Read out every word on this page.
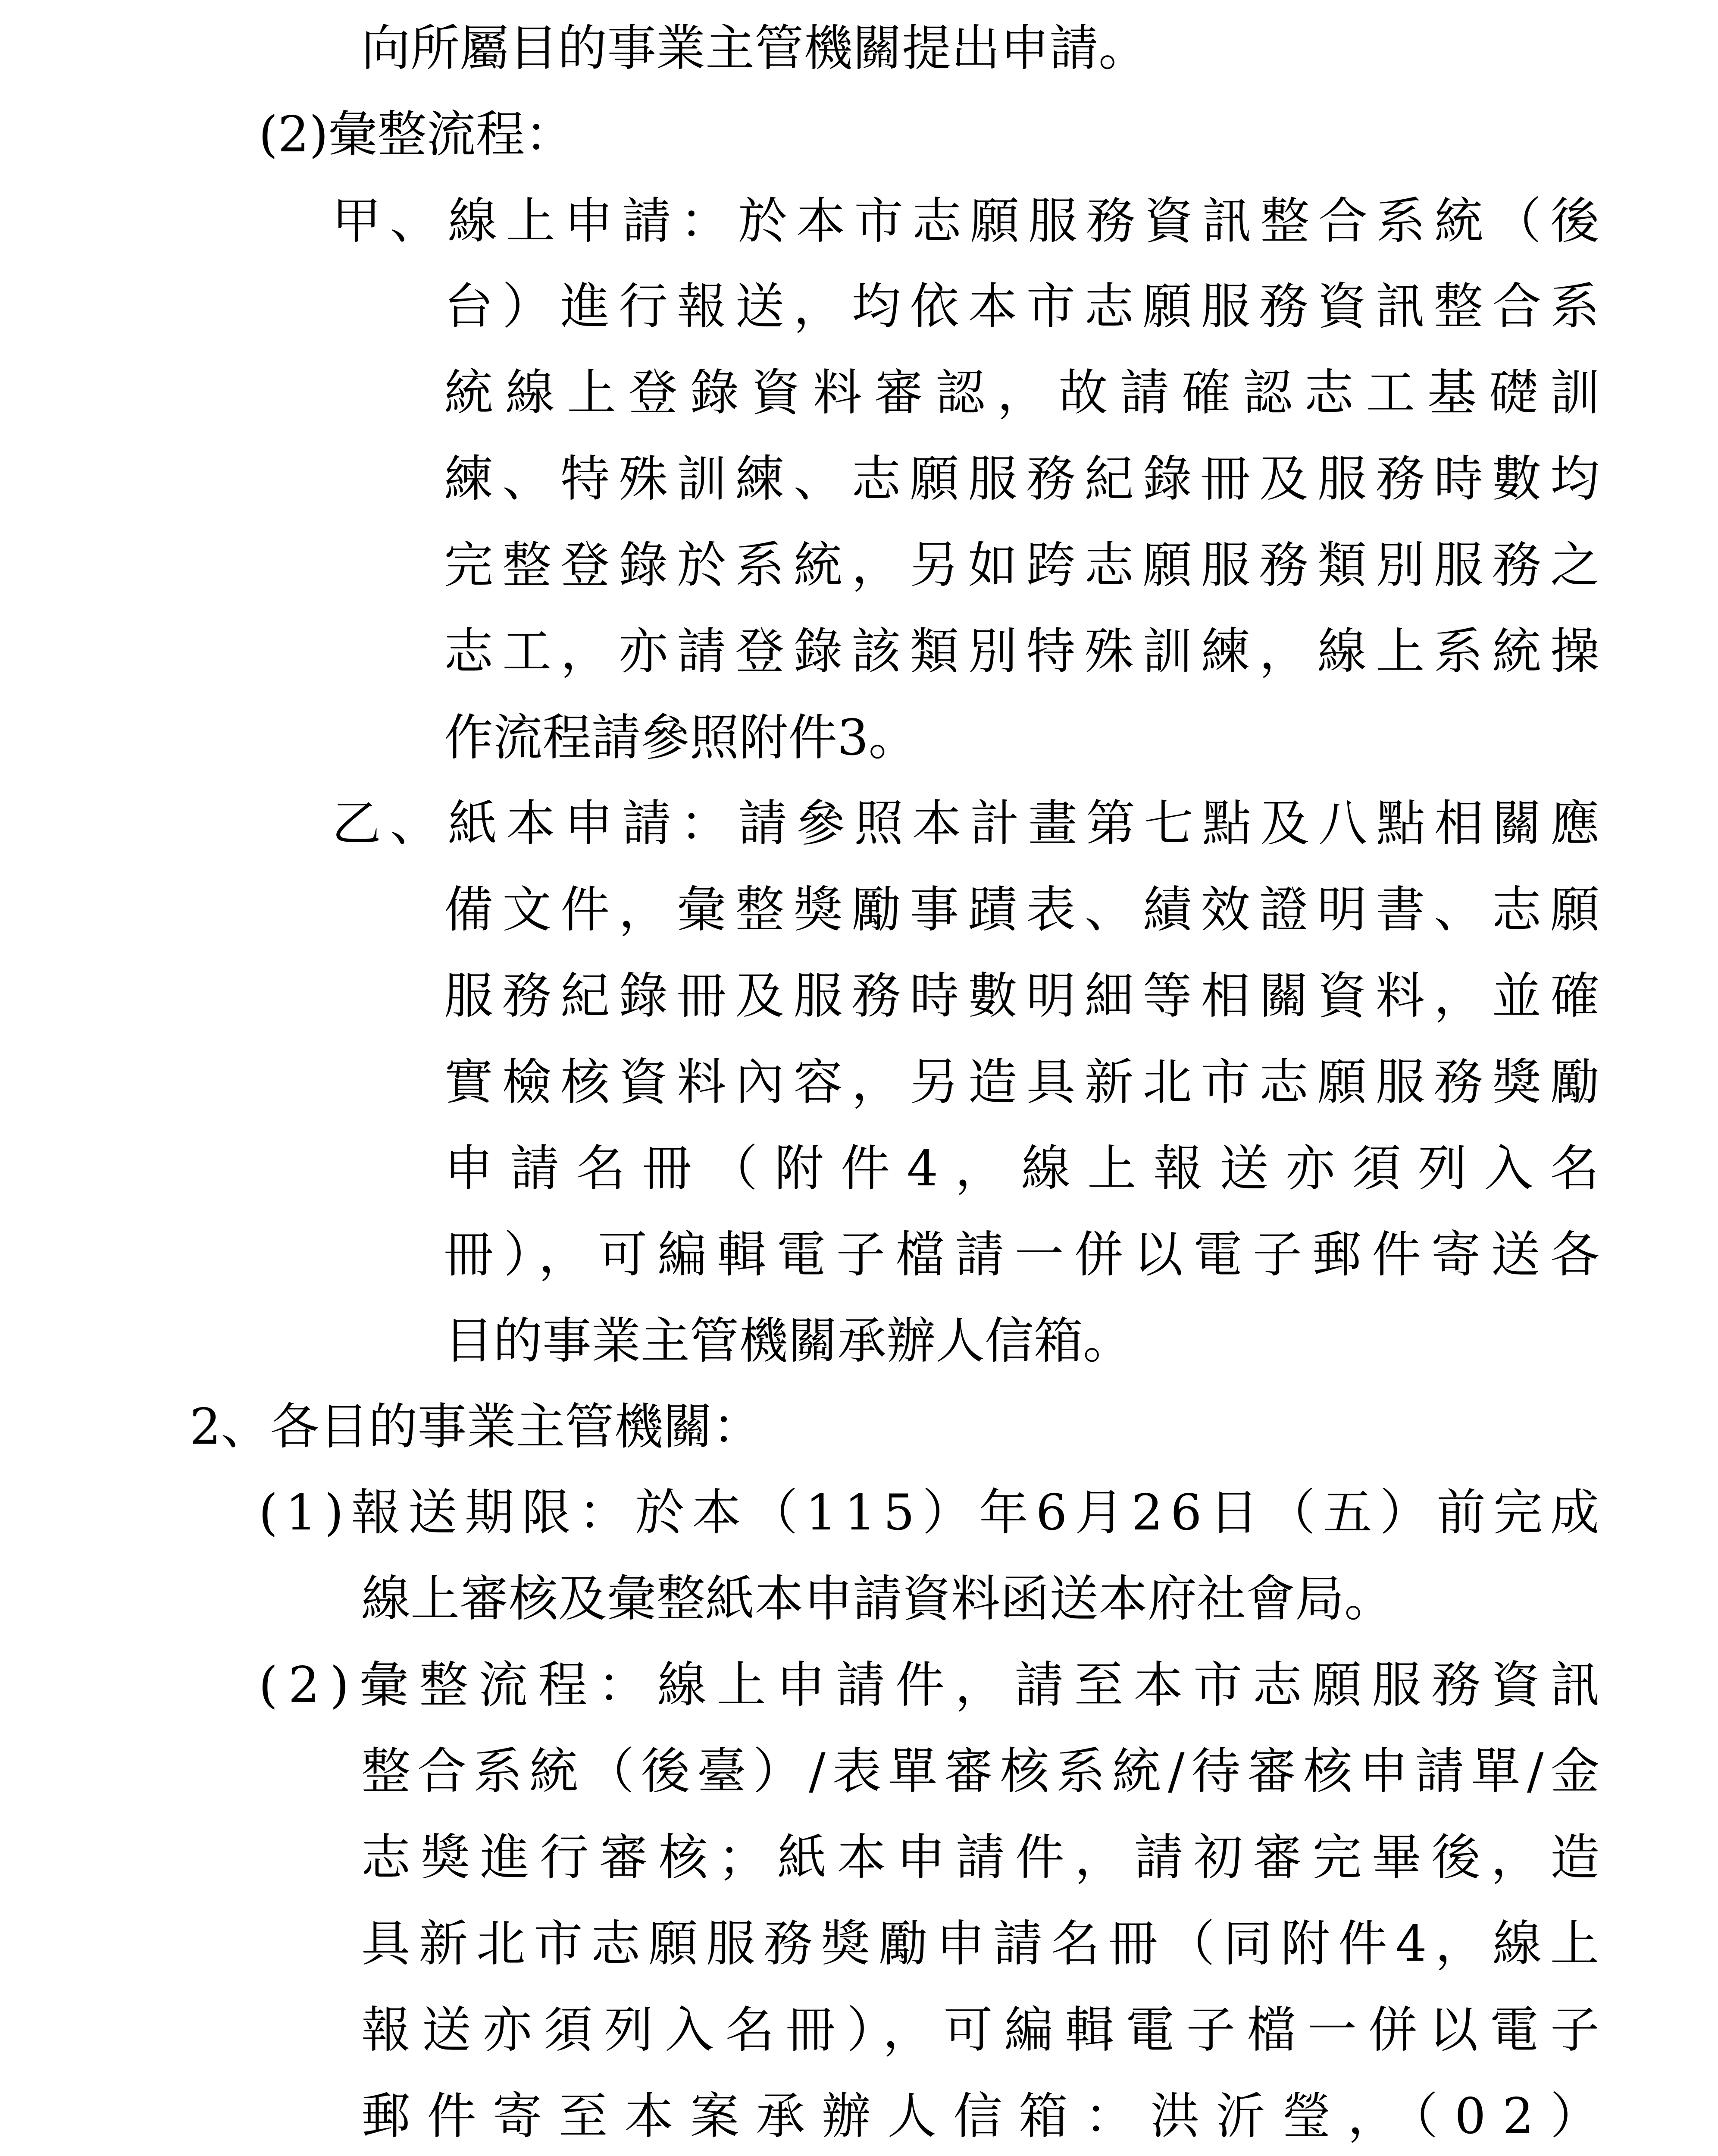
向所屬目的事業主管機關提出申請。
(2)彙整流程：
甲、線上申請：於本市志願服務資訊整合系統（後
台）進行報送，均依本市志願服務資訊整合系
統線上登錄資料審認，故請確認志工基礎訓
練、特殊訓練、志願服務紀錄冊及服務時數均
完整登錄於系統，另如跨志願服務類別服務之
志工，亦請登錄該類別特殊訓練，線上系統操
作流程請參照附件3。
乙、紙本申請：請參照本計畫第七點及八點相關應
備文件，彙整獎勵事蹟表、績效證明書、志願
服務紀錄冊及服務時數明細等相關資料，並確
實檢核資料內容，另造具新北市志願服務獎勵
申請名冊（附件4，線上報送亦須列入名
冊），可編輯電子檔請一併以電子郵件寄送各
目的事業主管機關承辦人信箱。
2、各目的事業主管機關：
(1)報送期限：於本（115）年6月26日（五）前完成
線上審核及彙整紙本申請資料函送本府社會局。
(2)彙整流程：線上申請件，請至本市志願服務資訊
整合系統（後臺）/表單審核系統/待審核申請單/金
志獎進行審核；紙本申請件，請初審完畢後，造
具新北市志願服務獎勵申請名冊（同附件4，線上
報送亦須列入名冊），可編輯電子檔一併以電子
郵件寄至本案承辦人信箱：洪沂瑩，（02）
